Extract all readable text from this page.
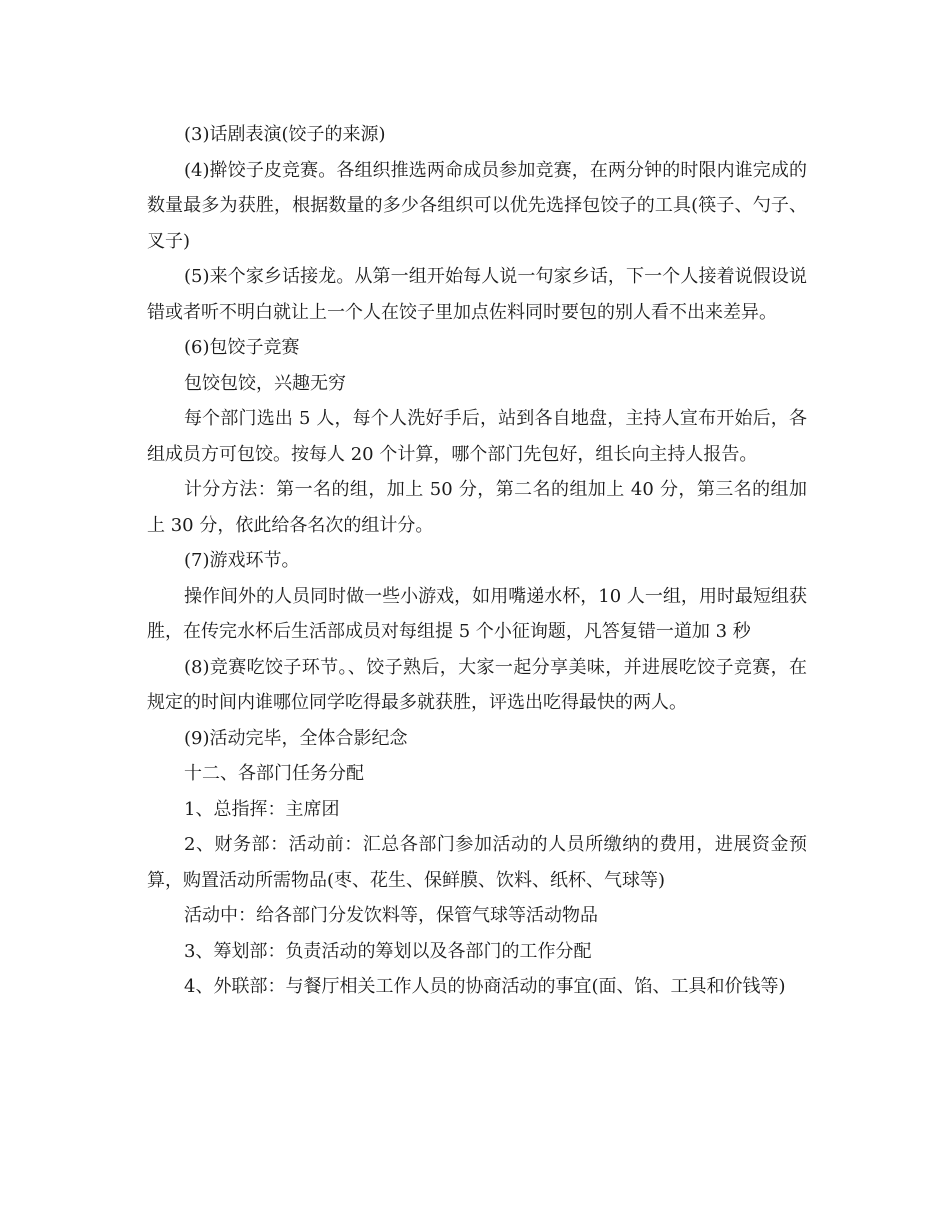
(3)话剧表演(饺子的来源)

(4)擀饺子皮竞赛。各组织推选两命成员参加竞赛，在两分钟的时限内谁完成的数量最多为获胜，根据数量的多少各组织可以优先选择包饺子的工具(筷子、勺子、叉子)

(5)来个家乡话接龙。从第一组开始每人说一句家乡话，下一个人接着说假设说错或者听不明白就让上一个人在饺子里加点佐料同时要包的别人看不出来差异。

(6)包饺子竞赛

包饺包饺，兴趣无穷

每个部门选出 5 人，每个人洗好手后，站到各自地盘，主持人宣布开始后，各组成员方可包饺。按每人 20 个计算，哪个部门先包好，组长向主持人报告。

计分方法：第一名的组，加上 50 分，第二名的组加上 40 分，第三名的组加上 30 分，依此给各名次的组计分。

(7)游戏环节。

操作间外的人员同时做一些小游戏，如用嘴递水杯，10 人一组，用时最短组获胜，在传完水杯后生活部成员对每组提 5 个小征询题，凡答复错一道加 3 秒

(8)竞赛吃饺子环节。、饺子熟后，大家一起分享美味，并进展吃饺子竞赛，在规定的时间内谁哪位同学吃得最多就获胜，评选出吃得最快的两人。

(9)活动完毕，全体合影纪念

十二、各部门任务分配

1、总指挥：主席团

2、财务部：活动前：汇总各部门参加活动的人员所缴纳的费用，进展资金预算，购置活动所需物品(枣、花生、保鲜膜、饮料、纸杯、气球等)

活动中：给各部门分发饮料等，保管气球等活动物品

3、筹划部：负责活动的筹划以及各部门的工作分配

4、外联部：与餐厅相关工作人员的协商活动的事宜(面、馅、工具和价钱等)
